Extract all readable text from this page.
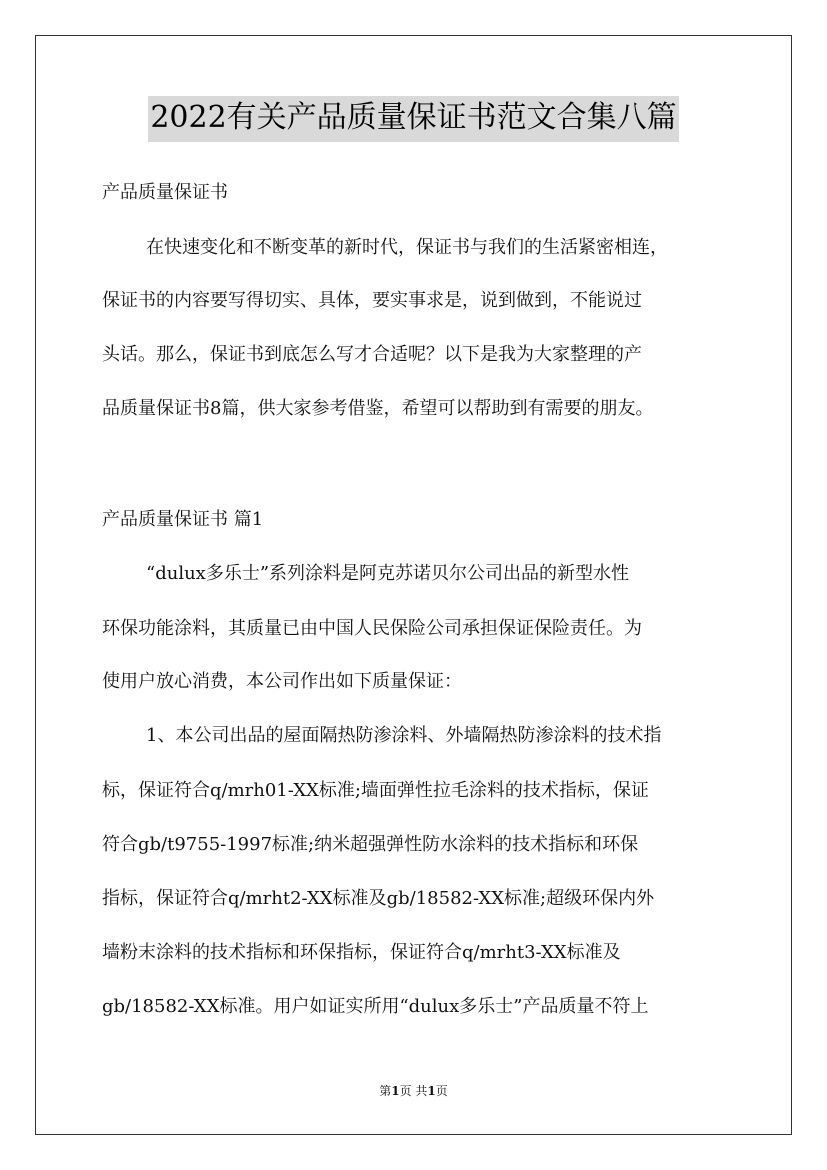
2022有关产品质量保证书范文合集八篇
产品质量保证书
在快速变化和不断变革的新时代，保证书与我们的生活紧密相连，
保证书的内容要写得切实、具体，要实事求是，说到做到，不能说过
头话。那么，保证书到底怎么写才合适呢？以下是我为大家整理的产
品质量保证书8篇，供大家参考借鉴，希望可以帮助到有需要的朋友。
产品质量保证书 篇1
“dulux多乐士”系列涂料是阿克苏诺贝尔公司出品的新型水性
环保功能涂料，其质量已由中国人民保险公司承担保证保险责任。为
使用户放心消费，本公司作出如下质量保证：
1、本公司出品的屋面隔热防渗涂料、外墙隔热防渗涂料的技术指
标，保证符合q/mrh01-XX标准;墙面弹性拉毛涂料的技术指标，保证
符合gb/t9755-1997标准;纳米超强弹性防水涂料的技术指标和环保
指标，保证符合q/mrht2-XX标准及gb/18582-XX标准;超级环保内外
墙粉末涂料的技术指标和环保指标，保证符合q/mrht3-XX标准及
gb/18582-XX标准。用户如证实所用“dulux多乐士”产品质量不符上
第1页 共1页
